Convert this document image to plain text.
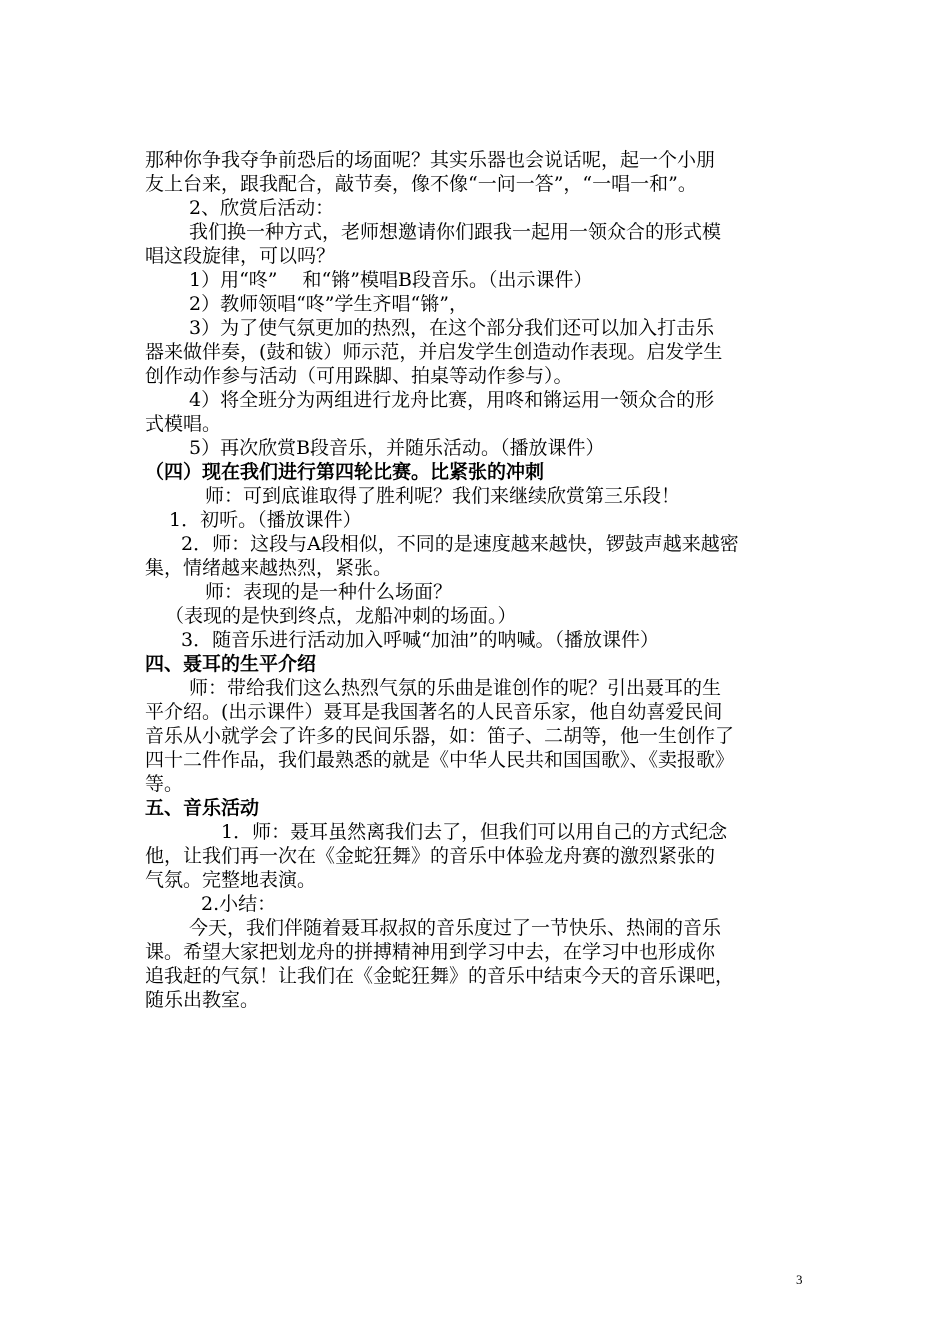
那种你争我夺争前恐后的场面呢？其实乐器也会说话呢，起一个小朋
友上台来，跟我配合，敲节奏，像不像“一问一答”，“一唱一和”。
2、欣赏后活动：
我们换一种方式，老师想邀请你们跟我一起用一领众合的形式模
唱这段旋律，可以吗？
1）用“咚”　 和“锵”模唱B段音乐。（出示课件）
2）教师领唱“咚”学生齐唱“锵”，
3）为了使气氛更加的热烈，在这个部分我们还可以加入打击乐
器来做伴奏，(鼓和钹）师示范，并启发学生创造动作表现。启发学生
创作动作参与活动（可用跺脚、拍桌等动作参与）。
4）将全班分为两组进行龙舟比赛，用咚和锵运用一领众合的形
式模唱。
5）再次欣赏B段音乐，并随乐活动。（播放课件）
（四）现在我们进行第四轮比赛。比紧张的冲刺
师：可到底谁取得了胜利呢？我们来继续欣赏第三乐段！
1．初听。（播放课件）
2．师：这段与A段相似，不同的是速度越来越快，锣鼓声越来越密
集，情绪越来越热烈，紧张。
师：表现的是一种什么场面？
（表现的是快到终点，龙船冲刺的场面。）
3．随音乐进行活动加入呼喊“加油”的呐喊。（播放课件）
四、聂耳的生平介绍
师：带给我们这么热烈气氛的乐曲是谁创作的呢？引出聂耳的生
平介绍。(出示课件）聂耳是我国著名的人民音乐家，他自幼喜爱民间
音乐从小就学会了许多的民间乐器，如：笛子、二胡等，他一生创作了
四十二件作品，我们最熟悉的就是《中华人民共和国国歌》、《卖报歌》
等。
五、音乐活动
1．师：聂耳虽然离我们去了，但我们可以用自己的方式纪念
他，让我们再一次在《金蛇狂舞》的音乐中体验龙舟赛的激烈紧张的
气氛。完整地表演。
2.小结：
今天，我们伴随着聂耳叔叔的音乐度过了一节快乐、热闹的音乐
课。希望大家把划龙舟的拼搏精神用到学习中去，在学习中也形成你
追我赶的气氛！让我们在《金蛇狂舞》的音乐中结束今天的音乐课吧，
随乐出教室。
3
